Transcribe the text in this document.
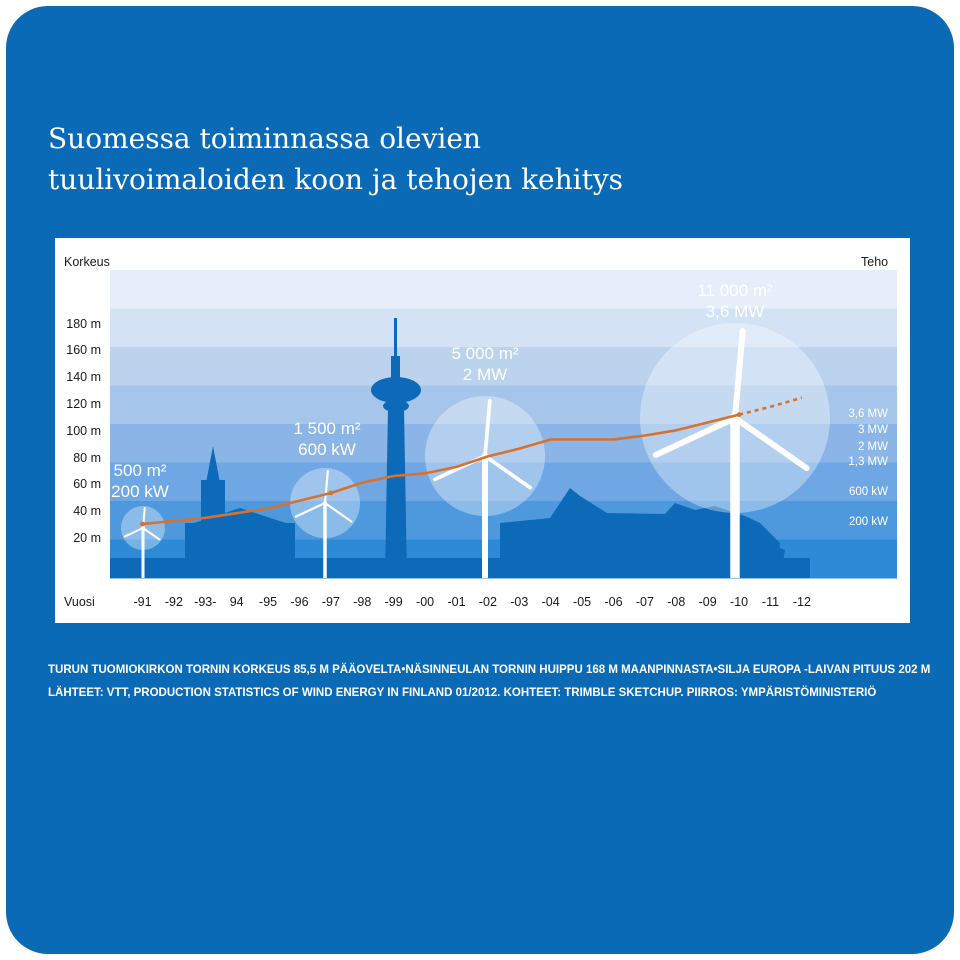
Suomessa toiminnassa olevien
tuulivoimaloiden koon ja tehojen kehitys
Korkeus	Teho
Vuosi
180 m
160 m
140 m
120 m
100 m
80 m
60 m
40 m
20 m
3,6 MW
3 MW
2 MW
1,3 MW
600 kW
200 kW
-91	-92 -93-	94	-95	-96	-97	-98	-99	-00	-01	-02	-03	-04	-05	-06	-07	-08	-09	-10	-11	-12
500 m²
200 kW
1 500 m²
600 kW
5 000 m²
2 MW
11 000 m²
3,6 MW
TURUN TUOMIOKIRKON TORNIN KORKEUS 85,5 M PÄÄOVELTA•NÄSINNEULAN TORNIN HUIPPU 168 M MAANPINNASTA•SILJA EUROPA -LAIVAN PITUUS 202 M
LÄHTEET: VTT, PRODUCTION STATISTICS OF WIND ENERGY IN FINLAND 01/2012. KOHTEET: TRIMBLE SKETCHUP. PIIRROS: YMPÄRISTÖMINISTERIÖ
